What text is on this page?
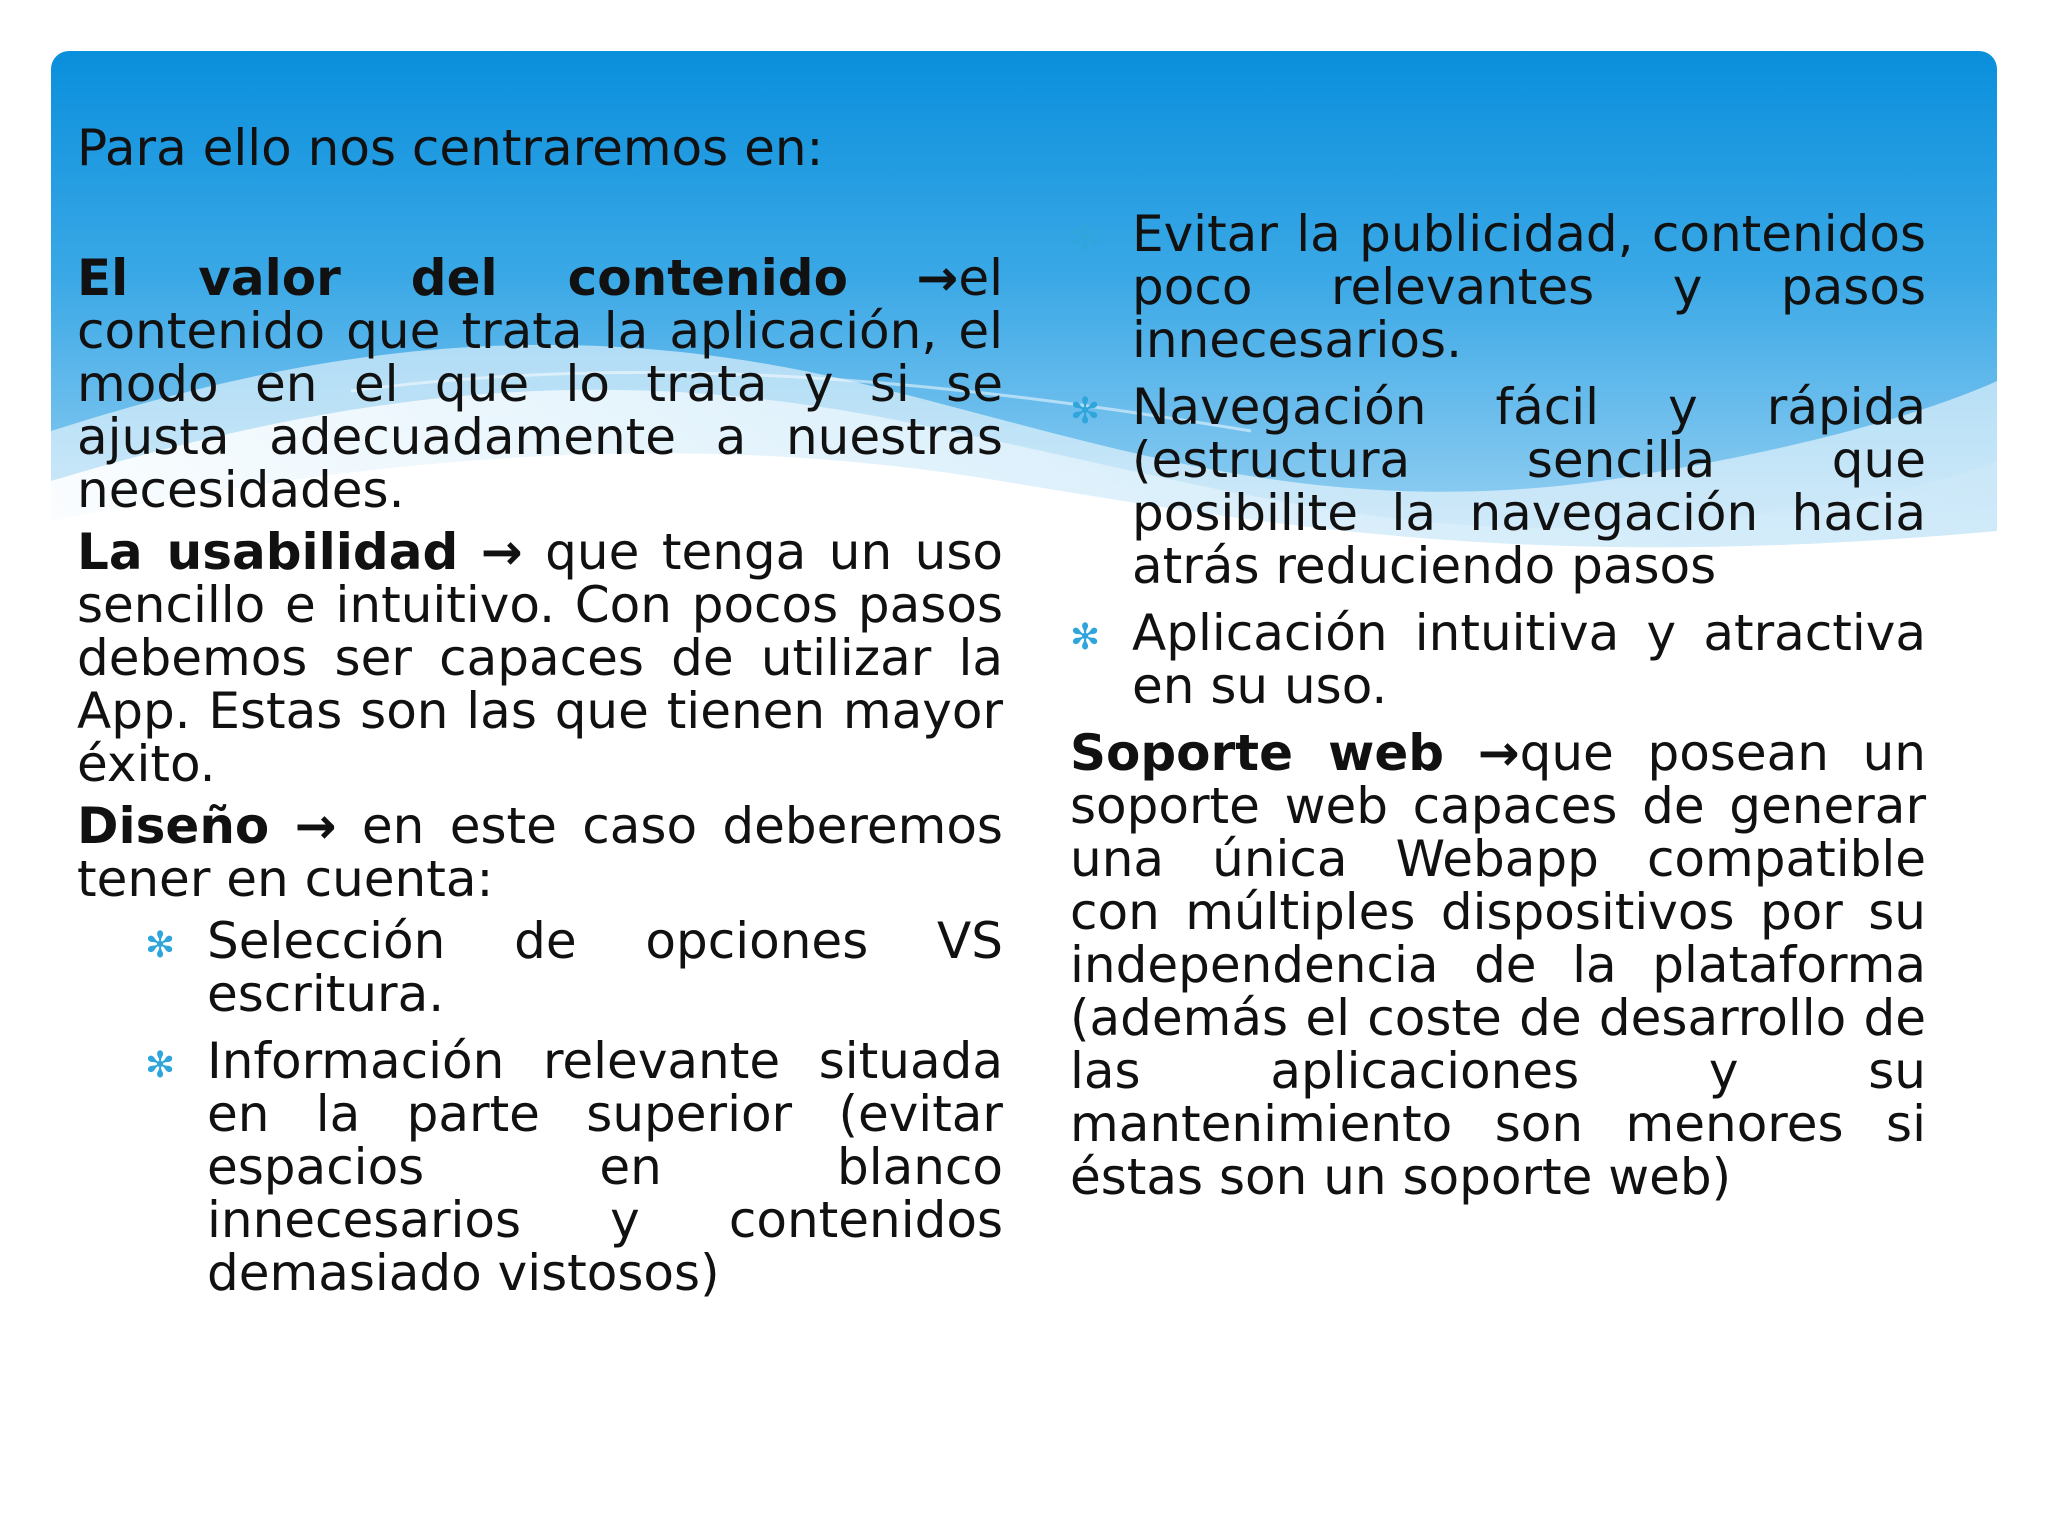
Para ello nos centraremos en:

El valor del contenido →el contenido que trata la aplicación, el modo en el que lo trata y si se ajusta adecuadamente a nuestras necesidades.

La usabilidad → que tenga un uso sencillo e intuitivo. Con pocos pasos debemos ser capaces de utilizar la App. Estas son las que tienen mayor éxito.

Diseño → en este caso deberemos tener en cuenta:

✻ Selección de opciones VS escritura.
✻ Información relevante situada en la parte superior (evitar espacios en blanco innecesarios y contenidos demasiado vistosos)
✻ Evitar la publicidad, contenidos poco relevantes y pasos innecesarios.
✻ Navegación fácil y rápida (estructura sencilla que posibilite la navegación hacia atrás reduciendo pasos
✻ Aplicación intuitiva y atractiva en su uso.

Soporte web →que posean un soporte web capaces de generar una única Webapp compatible con múltiples dispositivos por su independencia de la plataforma (además el coste de desarrollo de las aplicaciones y su mantenimiento son menores si éstas son un soporte web)
